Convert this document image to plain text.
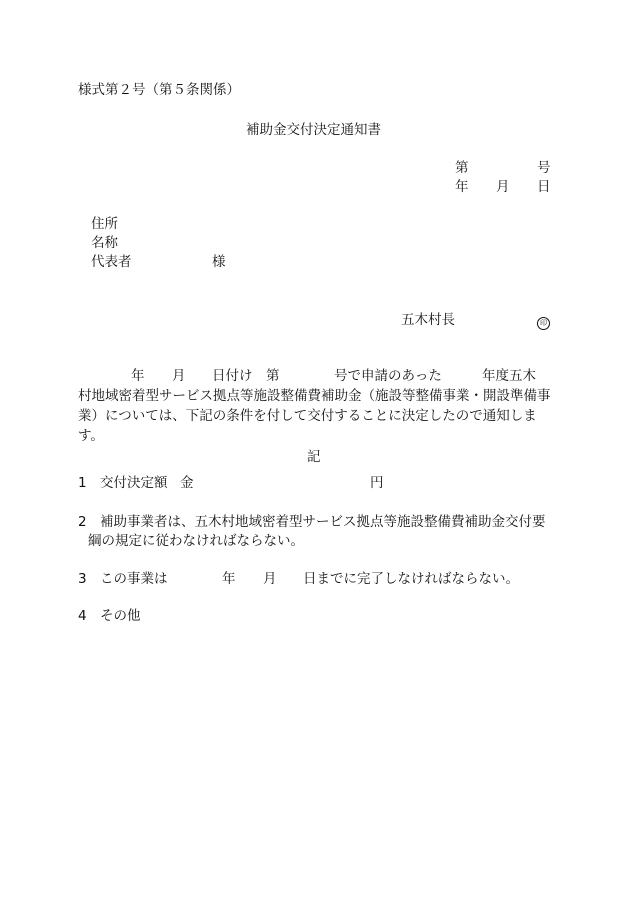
様式第２号（第５条関係）
補助金交付決定通知書
第	号
年 月 日
住所
名称
代表者	様
五木村長	印
年 月 日付け 第	号で申請のあった	年度五木
村地域密着型サービス拠点等施設整備費補助金（施設等整備事業・開設準備事
業）については、下記の条件を付して交付することに決定したので通知しま
す。
記
1 交付決定額 金	円
2 補助事業者は、五木村地域密着型サービス拠点等施設整備費補助金交付要
綱の規定に従わなければならない。
3 この事業は	年 月 日までに完了しなければならない。
4 その他
